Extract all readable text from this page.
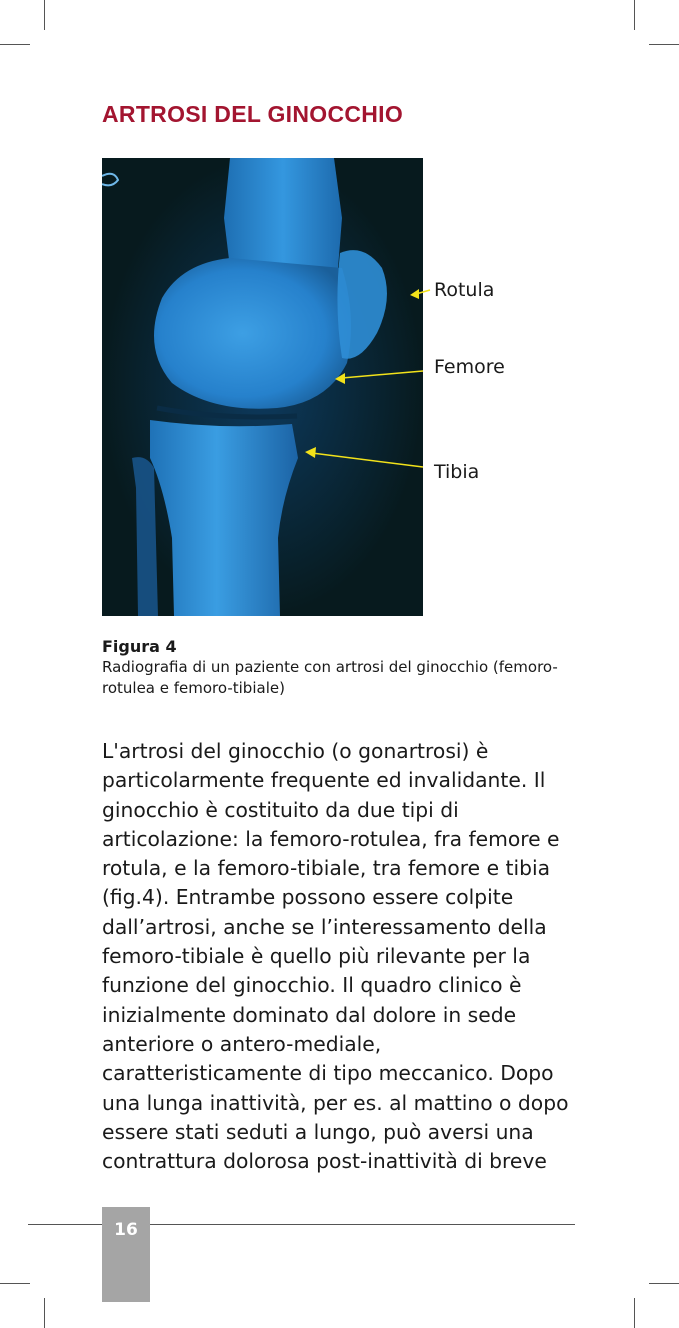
ARTROSI DEL GINOCCHIO
Rotula
Femore
Tibia
Figura 4
Radiografia di un paziente con artrosi del ginocchio (femoro-rotulea e femoro-tibiale)
L'artrosi del ginocchio (o gonartrosi) è particolarmente frequente ed invalidante. Il ginocchio è costituito da due tipi di articolazione: la femoro-rotulea, fra femore e rotula, e la femoro-tibiale, tra femore e tibia (fig.4). Entrambe possono essere colpite dall’artrosi, anche se l’interessamento della femoro-tibiale è quello più rilevante per la funzione del ginocchio. Il quadro clinico è inizialmente dominato dal dolore in sede anteriore o antero-mediale, caratteristicamente di tipo meccanico. Dopo una lunga inattività, per es. al mattino o dopo essere stati seduti a lungo, può aversi una contrattura dolorosa post-inattività di breve
16
